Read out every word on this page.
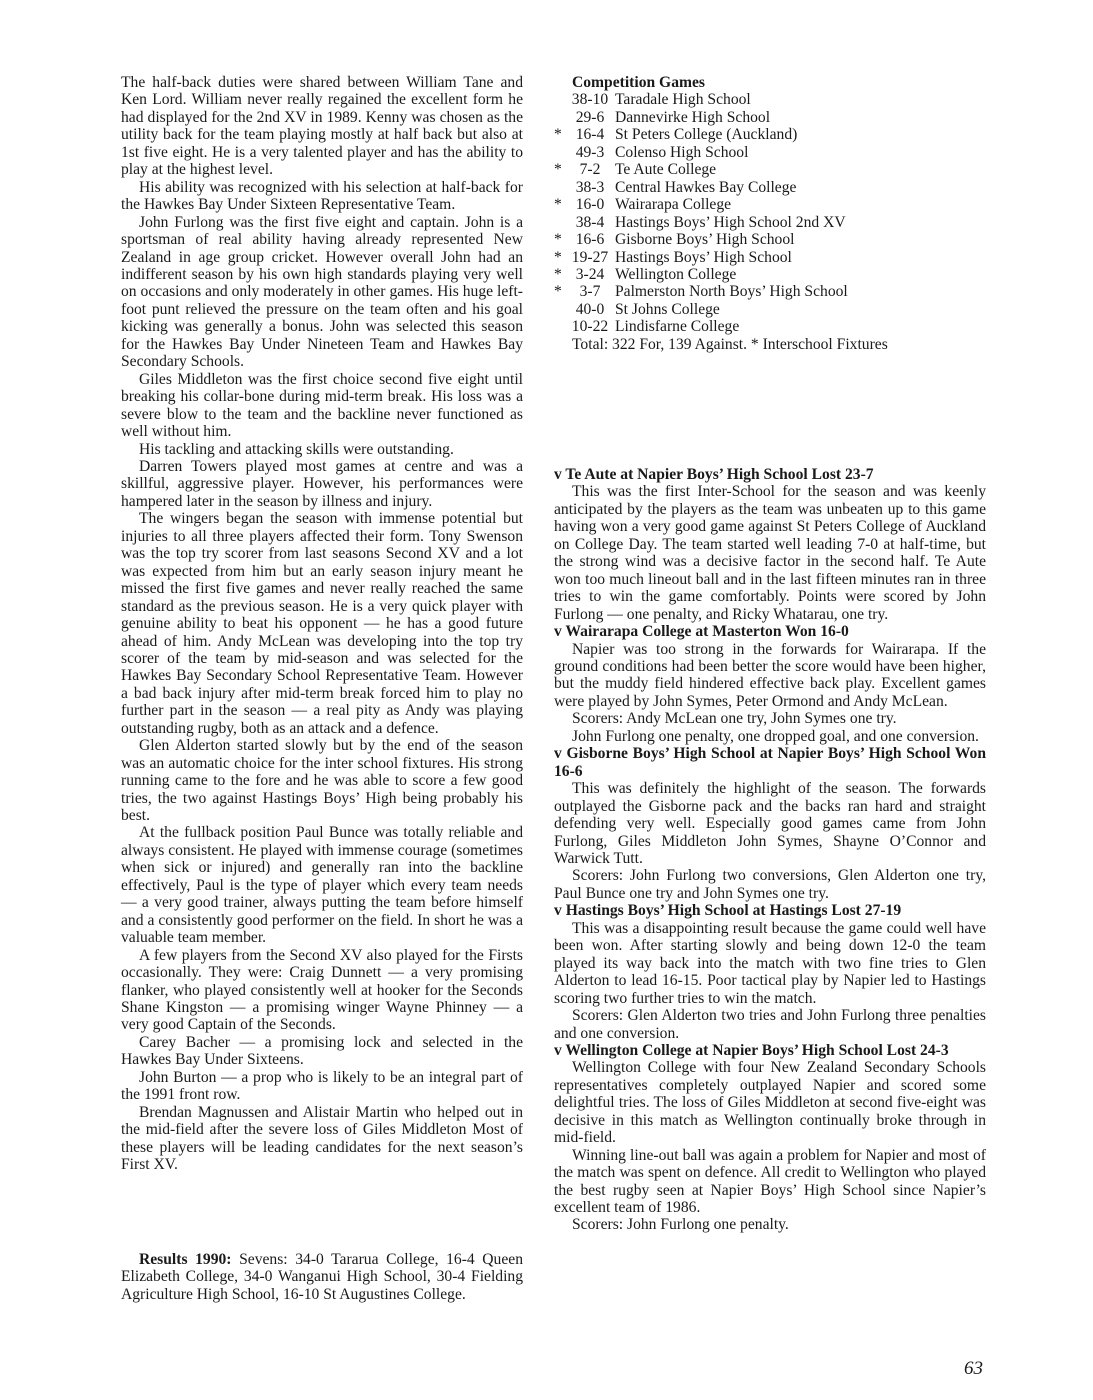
The half-back duties were shared between William Tane and Ken Lord. William never really regained the excellent form he had displayed for the 2nd XV in 1989. Kenny was chosen as the utility back for the team playing mostly at half back but also at 1st five eight. He is a very talented player and has the ability to play at the highest level.

His ability was recognized with his selection at half-back for the Hawkes Bay Under Sixteen Representative Team.

John Furlong was the first five eight and captain. John is a sportsman of real ability having already represented New Zealand in age group cricket. However overall John had an indifferent season by his own high standards playing very well on occasions and only moderately in other games. His huge left-foot punt relieved the pressure on the team often and his goal kicking was generally a bonus. John was selected this season for the Hawkes Bay Under Nineteen Team and Hawkes Bay Secondary Schools.

Giles Middleton was the first choice second five eight until breaking his collar-bone during mid-term break. His loss was a severe blow to the team and the backline never functioned as well without him.

His tackling and attacking skills were outstanding.

Darren Towers played most games at centre and was a skillful, aggressive player. However, his performances were hampered later in the season by illness and injury.

The wingers began the season with immense potential but injuries to all three players affected their form. Tony Swenson was the top try scorer from last seasons Second XV and a lot was expected from him but an early season injury meant he missed the first five games and never really reached the same standard as the previous season. He is a very quick player with genuine ability to beat his opponent — he has a good future ahead of him. Andy McLean was developing into the top try scorer of the team by mid-season and was selected for the Hawkes Bay Secondary School Representative Team. However a bad back injury after mid-term break forced him to play no further part in the season — a real pity as Andy was playing outstanding rugby, both as an attack and a defence.

Glen Alderton started slowly but by the end of the season was an automatic choice for the inter school fixtures. His strong running came to the fore and he was able to score a few good tries, the two against Hastings Boys’ High being probably his best.

At the fullback position Paul Bunce was totally reliable and always consistent. He played with immense courage (sometimes when sick or injured) and generally ran into the backline effectively, Paul is the type of player which every team needs — a very good trainer, always putting the team before himself and a consistently good performer on the field. In short he was a valuable team member.

A few players from the Second XV also played for the Firsts occasionally. They were: Craig Dunnett — a very promising flanker, who played consistently well at hooker for the Seconds Shane Kingston — a promising winger Wayne Phinney — a very good Captain of the Seconds.

Carey Bacher — a promising lock and selected in the Hawkes Bay Under Sixteens.

John Burton — a prop who is likely to be an integral part of the 1991 front row.

Brendan Magnussen and Alistair Martin who helped out in the mid-field after the severe loss of Giles Middleton Most of these players will be leading candidates for the next season’s First XV.

Results 1990: Sevens: 34-0 Tararua College, 16-4 Queen Elizabeth College, 34-0 Wanganui High School, 30-4 Fielding Agriculture High School, 16-10 St Augustines College.

Competition Games

38-10 Taradale High School
29-6 Dannevirke High School
* 16-4 St Peters College (Auckland)
49-3 Colenso High School
*	7-2 Te Aute College
38-3 Central Hawkes Bay College
* 16-0 Wairarapa College
38-4 Hastings Boys’ High School 2nd XV
* 16-6 Gisborne Boys’ High School
* 19-27 Hastings Boys’ High School
* 3-24 Wellington College
*	3-7 Palmerston North Boys’ High School
40-0 St Johns College
10-22 Lindisfarne College

Total: 322 For, 139 Against. * Interschool Fixtures

v Te Aute at Napier Boys’ High School Lost 23-7

This was the first Inter-School for the season and was keenly anticipated by the players as the team was unbeaten up to this game having won a very good game against St Peters College of Auckland on College Day. The team started well leading 7-0 at half-time, but the strong wind was a decisive factor in the second half. Te Aute won too much lineout ball and in the last fifteen minutes ran in three tries to win the game comfortably. Points were scored by John Furlong — one penalty, and Ricky Whatarau, one try.

v Wairarapa College at Masterton Won 16-0

Napier was too strong in the forwards for Wairarapa. If the ground conditions had been better the score would have been higher, but the muddy field hindered effective back play. Excellent games were played by John Symes, Peter Ormond and Andy McLean.

Scorers: Andy McLean one try, John Symes one try.

John Furlong one penalty, one dropped goal, and one conversion.

v Gisborne Boys’ High School at Napier Boys’ High School Won 16-6

This was definitely the highlight of the season. The forwards outplayed the Gisborne pack and the backs ran hard and straight defending very well. Especially good games came from John Furlong, Giles Middleton John Symes, Shayne O’Connor and Warwick Tutt.

Scorers: John Furlong two conversions, Glen Alderton one try, Paul Bunce one try and John Symes one try.

v Hastings Boys’ High School at Hastings Lost 27-19

This was a disappointing result because the game could well have been won. After starting slowly and being down 12-0 the team played its way back into the match with two fine tries to Glen Alderton to lead 16-15. Poor tactical play by Napier led to Hastings scoring two further tries to win the match.

Scorers: Glen Alderton two tries and John Furlong three penalties and one conversion.

v Wellington College at Napier Boys’ High School Lost 24-3

Wellington College with four New Zealand Secondary Schools representatives completely outplayed Napier and scored some delightful tries. The loss of Giles Middleton at second five-eight was decisive in this match as Wellington continually broke through in mid-field.

Winning line-out ball was again a problem for Napier and most of the match was spent on defence. All credit to Wellington who played the best rugby seen at Napier Boys’ High School since Napier’s excellent team of 1986.

Scorers: John Furlong one penalty.

63
